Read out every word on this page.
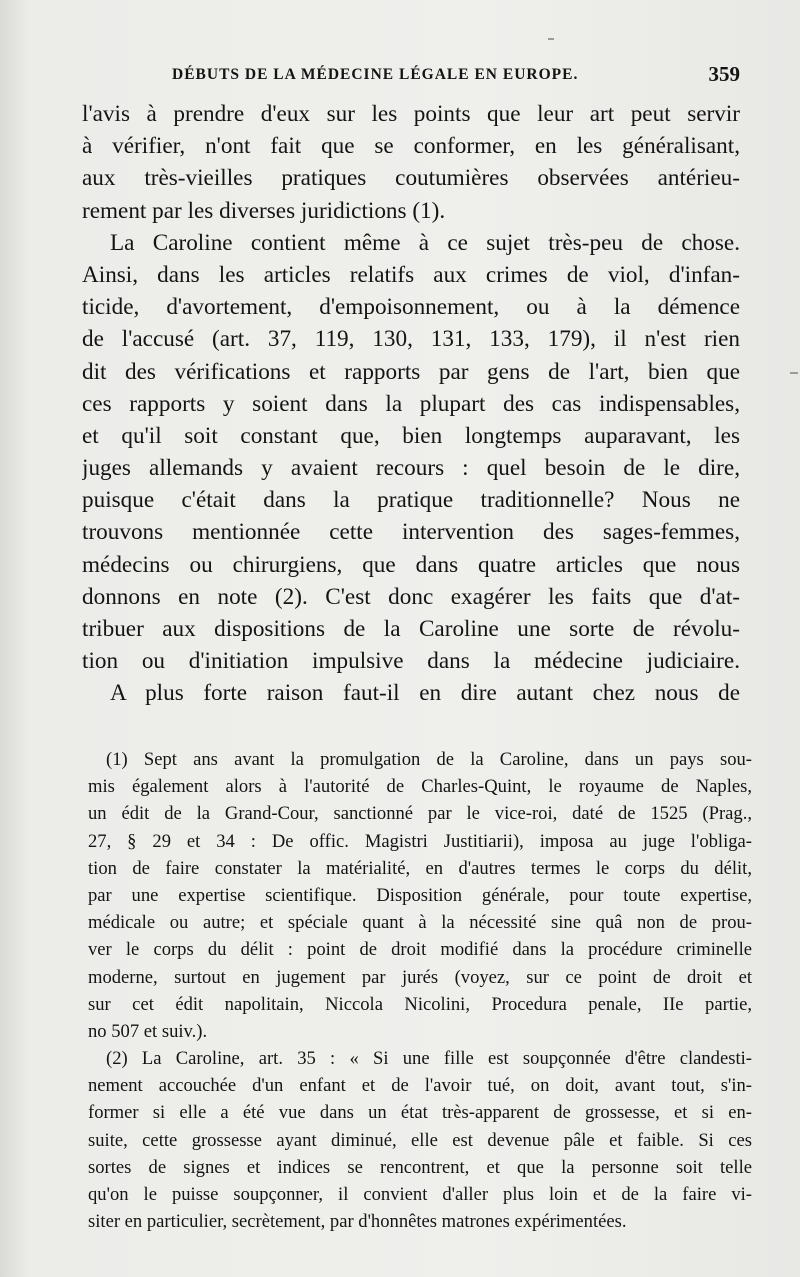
DÉBUTS DE LA MÉDECINE LÉGALE EN EUROPE.	359
l'avis à prendre d'eux sur les points que leur art peut servir
à vérifier, n'ont fait que se conformer, en les généralisant,
aux très-vieilles pratiques coutumières observées antérieu-
rement par les diverses juridictions (1).
La Caroline contient même à ce sujet très-peu de chose.
Ainsi, dans les articles relatifs aux crimes de viol, d'infan-
ticide, d'avortement, d'empoisonnement, ou à la démence
de l'accusé (art. 37, 119, 130, 131, 133, 179), il n'est rien
dit des vérifications et rapports par gens de l'art, bien que
ces rapports y soient dans la plupart des cas indispensables,
et qu'il soit constant que, bien longtemps auparavant, les
juges allemands y avaient recours : quel besoin de le dire,
puisque c'était dans la pratique traditionnelle? Nous ne
trouvons mentionnée cette intervention des sages-femmes,
médecins ou chirurgiens, que dans quatre articles que nous
donnons en note (2). C'est donc exagérer les faits que d'at-
tribuer aux dispositions de la Caroline une sorte de révolu-
tion ou d'initiation impulsive dans la médecine judiciaire.
A plus forte raison faut-il en dire autant chez nous de
(1) Sept ans avant la promulgation de la Caroline, dans un pays sou-
mis également alors à l'autorité de Charles-Quint, le royaume de Naples,
un édit de la Grand-Cour, sanctionné par le vice-roi, daté de 1525 (Prag.,
27, § 29 et 34 : De offic. Magistri Justitiarii), imposa au juge l'obliga-
tion de faire constater la matérialité, en d'autres termes le corps du délit,
par une expertise scientifique. Disposition générale, pour toute expertise,
médicale ou autre; et spéciale quant à la nécessité sine quâ non de prou-
ver le corps du délit : point de droit modifié dans la procédure criminelle
moderne, surtout en jugement par jurés (voyez, sur ce point de droit et
sur cet édit napolitain, Niccola Nicolini, Procedura penale, IIe partie,
no 507 et suiv.).
(2) La Caroline, art. 35 : « Si une fille est soupçonnée d'être clandesti-
nement accouchée d'un enfant et de l'avoir tué, on doit, avant tout, s'in-
former si elle a été vue dans un état très-apparent de grossesse, et si en-
suite, cette grossesse ayant diminué, elle est devenue pâle et faible. Si ces
sortes de signes et indices se rencontrent, et que la personne soit telle
qu'on le puisse soupçonner, il convient d'aller plus loin et de la faire vi-
siter en particulier, secrètement, par d'honnêtes matrones expérimentées.
